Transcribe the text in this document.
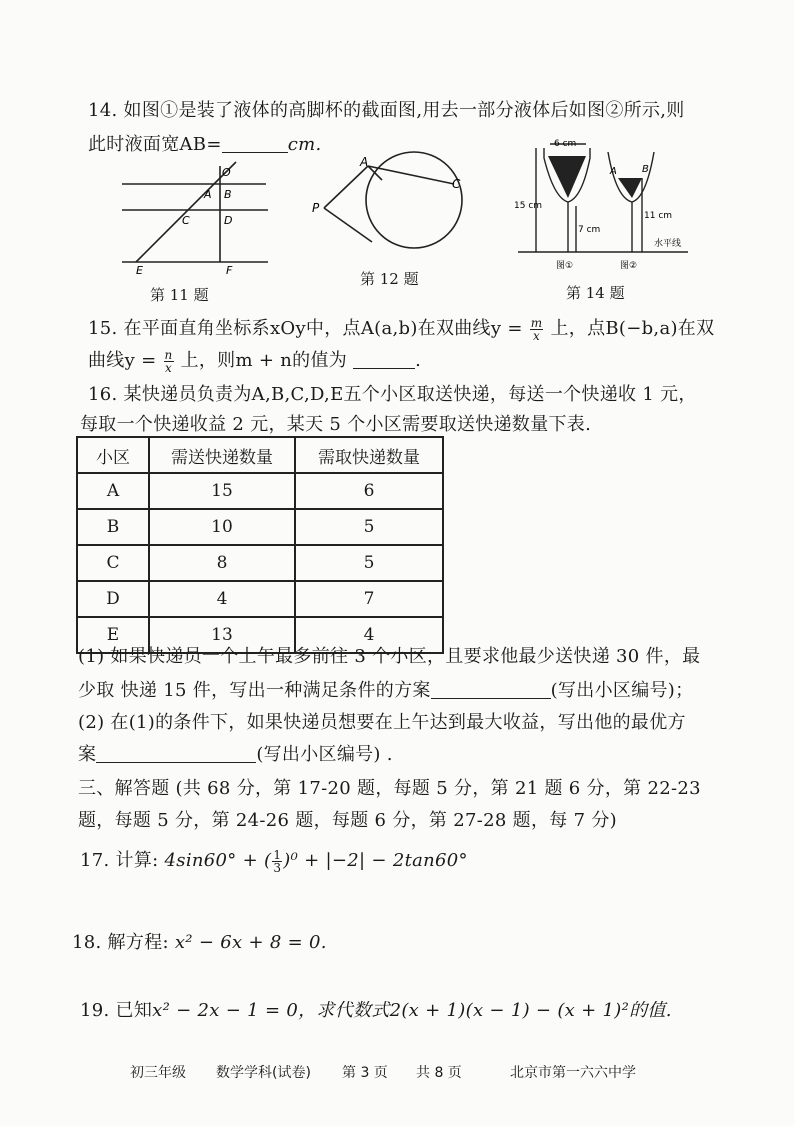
14. 如图①是装了液体的高脚杯的截面图,用去一部分液体后如图②所示,则
此时液面宽AB=	cm.
O
A B
C	D
E	F
第 11 题
A
P
C
第 12 题
6 cm
15 cm
7 cm
11 cm
A	B
水平线
图①	图②
第 14 题
15. 在平面直角坐标系xOy中，点A(a,b)在双曲线$y = \frac{m}{x}$ 上，点B(−b,a)在双
曲线$y = \frac{n}{x}$ 上，则m + n的值为	.
16. 某快递员负责为A,B,C,D,E五个小区取送快递，每送一个快递收 1 元，
每取一个快递收益 2 元，某天 5 个小区需要取送快递数量下表.
小区	需送快递数量	需取快递数量
A	15	6
B	10	5
C	8	5
D	4	7
E	13	4
(1) 如果快递员一个上午最多前往 3 个小区，且要求他最少送快递 30 件，最
少取 快递 15 件，写出一种满足条件的方案	(写出小区编号)；
(2) 在(1)的条件下，如果快递员想要在上午达到最大收益，写出他的最优方
案	(写出小区编号) .
三、解答题 (共 68 分，第 17-20 题，每题 5 分，第 21 题 6 分，第 22-23
题，每题 5 分，第 24-26 题，每题 6 分，第 27-28 题，每 7 分)
17. 计算: 4sin60° + ( $\frac{1}{3} )^0 + |-2| - 2\tan 60^\circ$
18. 解方程: x² − 6x + 8 = 0.
19. 已知x² − 2x − 1 = 0，求代数式2(x + 1)(x − 1) − (x + 1)²的值.
初三年级 数学学科(试卷) 第 3 页 共 8 页	北京市第一六六中学
